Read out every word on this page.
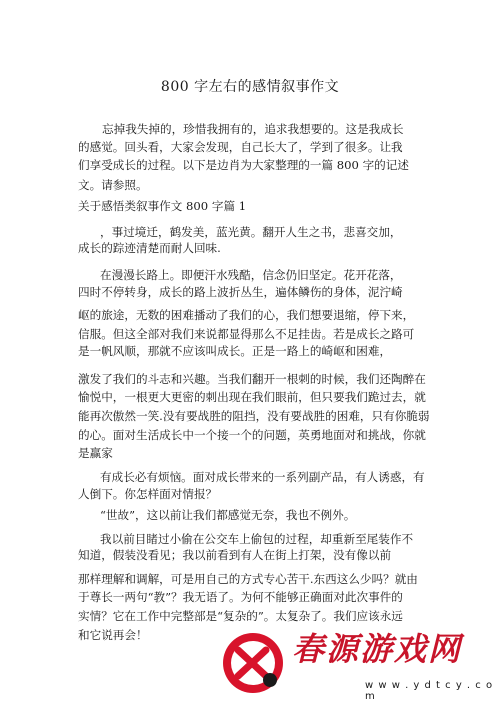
800 字左右的感情叙事作文
忘掉我失掉的，珍惜我拥有的，追求我想要的。这是我成长
的感觉。回头看，大家会发现，自己长大了，学到了很多。让我
们享受成长的过程。以下是边肖为大家整理的一篇 800 字的记述
文。请参照。
关于感悟类叙事作文 800 字篇 1
，事过境迁，鹤发美，蓝光黄。翻开人生之书，悲喜交加，
成长的踪迹清楚而耐人回味.
在漫漫长路上。即便汗水残酷，信念仍旧坚定。花开花落，
四时不停转身，成长的路上波折丛生，遍体鳞伤的身体，泥泞崎
岖的旅途，无数的困难播动了我们的心，我们想要退缩，停下来，
信服。但这全部对我们来说都显得那么不足挂齿。若是成长之路可
是一帆风顺，那就不应该叫成长。正是一路上的崎岖和困难，
激发了我们的斗志和兴趣。当我们翻开一根刺的时候，我们还陶醉在
愉悦中，一根更大更密的刺出现在我们眼前，但只要我们跪过去，就
能再次傲然一笑.没有要战胜的阻挡，没有要战胜的困难，只有你脆弱
的心。面对生活成长中一个接一个的问题，英勇地面对和挑战，你就
是赢家
有成长必有烦恼。面对成长带来的一系列副产品，有人诱惑，有
人倒下。你怎样面对情报？
“世故”，这以前让我们都感觉无奈，我也不例外。
我以前目睹过小偷在公交车上偷包的过程，却重新至尾装作不
知道，假装没看见；我以前看到有人在街上打架，没有像以前
那样理解和调解，可是用自己的方式专心苦干.东西这么少吗？就由
于尊长一两句“教”？我无语了。为何不能够正确面对此次事件的
实情？它在工作中完整部是“复杂的”。太复杂了。我们应该永远
和它说再会！	春源游戏网
w w w . y d t c y . c o m
